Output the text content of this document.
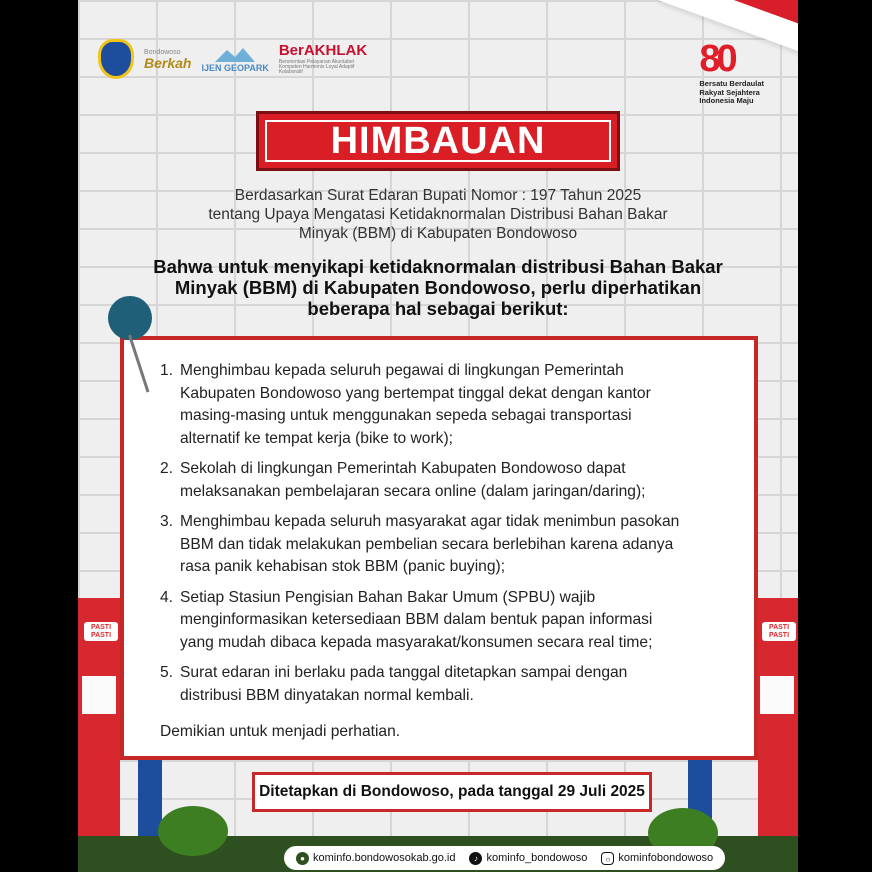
Bondowoso
Berkah IJEN GEOPARK
BerAKHLAK
Berorientasi Pelayanan Akuntabel Kompeten Harmonis Loyal Adaptif Kolaboratif	80
Bersatu Berdaulat
Rakyat Sejahtera
Indonesia Maju
HIMBAUAN
Berdasarkan Surat Edaran Bupati Nomor : 197 Tahun 2025
tentang Upaya Mengatasi Ketidaknormalan Distribusi Bahan Bakar
Minyak (BBM) di Kabupaten Bondowoso
Bahwa untuk menyikapi ketidaknormalan distribusi Bahan Bakar
Minyak (BBM) di Kabupaten Bondowoso, perlu diperhatikan
beberapa hal sebagai berikut:
PASTI PASTI
PASTI PASTI
1. Menghimbau kepada seluruh pegawai di lingkungan Pemerintah
Kabupaten Bondowoso yang bertempat tinggal dekat dengan kantor
masing-masing untuk menggunakan sepeda sebagai transportasi
alternatif ke tempat kerja (bike to work);
2. Sekolah di lingkungan Pemerintah Kabupaten Bondowoso dapat
melaksanakan pembelajaran secara online (dalam jaringan/daring);
3. Menghimbau kepada seluruh masyarakat agar tidak menimbun pasokan
BBM dan tidak melakukan pembelian secara berlebihan karena adanya
rasa panik kehabisan stok BBM (panic buying);
4. Setiap Stasiun Pengisian Bahan Bakar Umum (SPBU) wajib
menginformasikan ketersediaan BBM dalam bentuk papan informasi
yang mudah dibaca kepada masyarakat/konsumen secara real time;
5. Surat edaran ini berlaku pada tanggal ditetapkan sampai dengan
distribusi BBM dinyatakan normal kembali.
Demikian untuk menjadi perhatian.
Ditetapkan di Bondowoso, pada tanggal 29 Juli 2025
● kominfo.bondowosokab.go.id	♪ kominfo_bondowoso	○ kominfobondowoso
